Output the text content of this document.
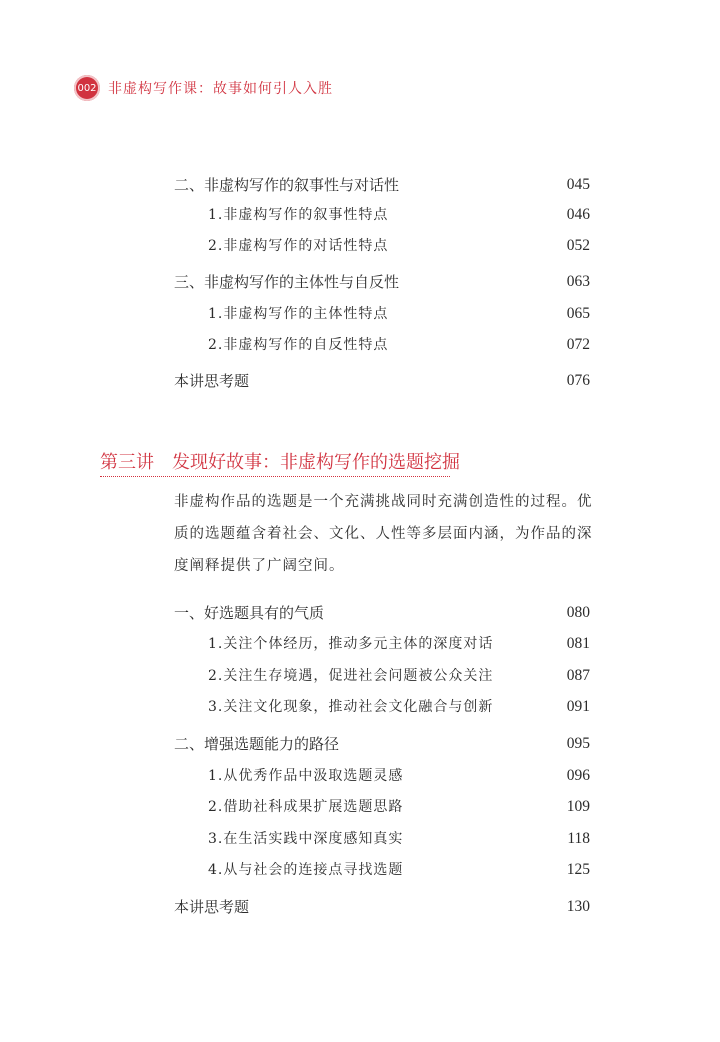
002 非虚构写作课：故事如何引人入胜
二、非虚构写作的叙事性与对话性	045
1.非虚构写作的叙事性特点	046
2.非虚构写作的对话性特点	052
三、非虚构写作的主体性与自反性	063
1.非虚构写作的主体性特点	065
2.非虚构写作的自反性特点	072
本讲思考题	076
第三讲　发现好故事：非虚构写作的选题挖掘

非虚构作品的选题是一个充满挑战同时充满创造性的过程。优

质的选题蕴含着社会、文化、人性等多层面内涵，为作品的深

度阐释提供了广阔空间。

一、好选题具有的气质	080
1.关注个体经历，推动多元主体的深度对话	081
2.关注生存境遇，促进社会问题被公众关注	087
3.关注文化现象，推动社会文化融合与创新	091
二、增强选题能力的路径	095
1.从优秀作品中汲取选题灵感	096
2.借助社科成果扩展选题思路	109
3.在生活实践中深度感知真实	118
4.从与社会的连接点寻找选题	125
本讲思考题	130
